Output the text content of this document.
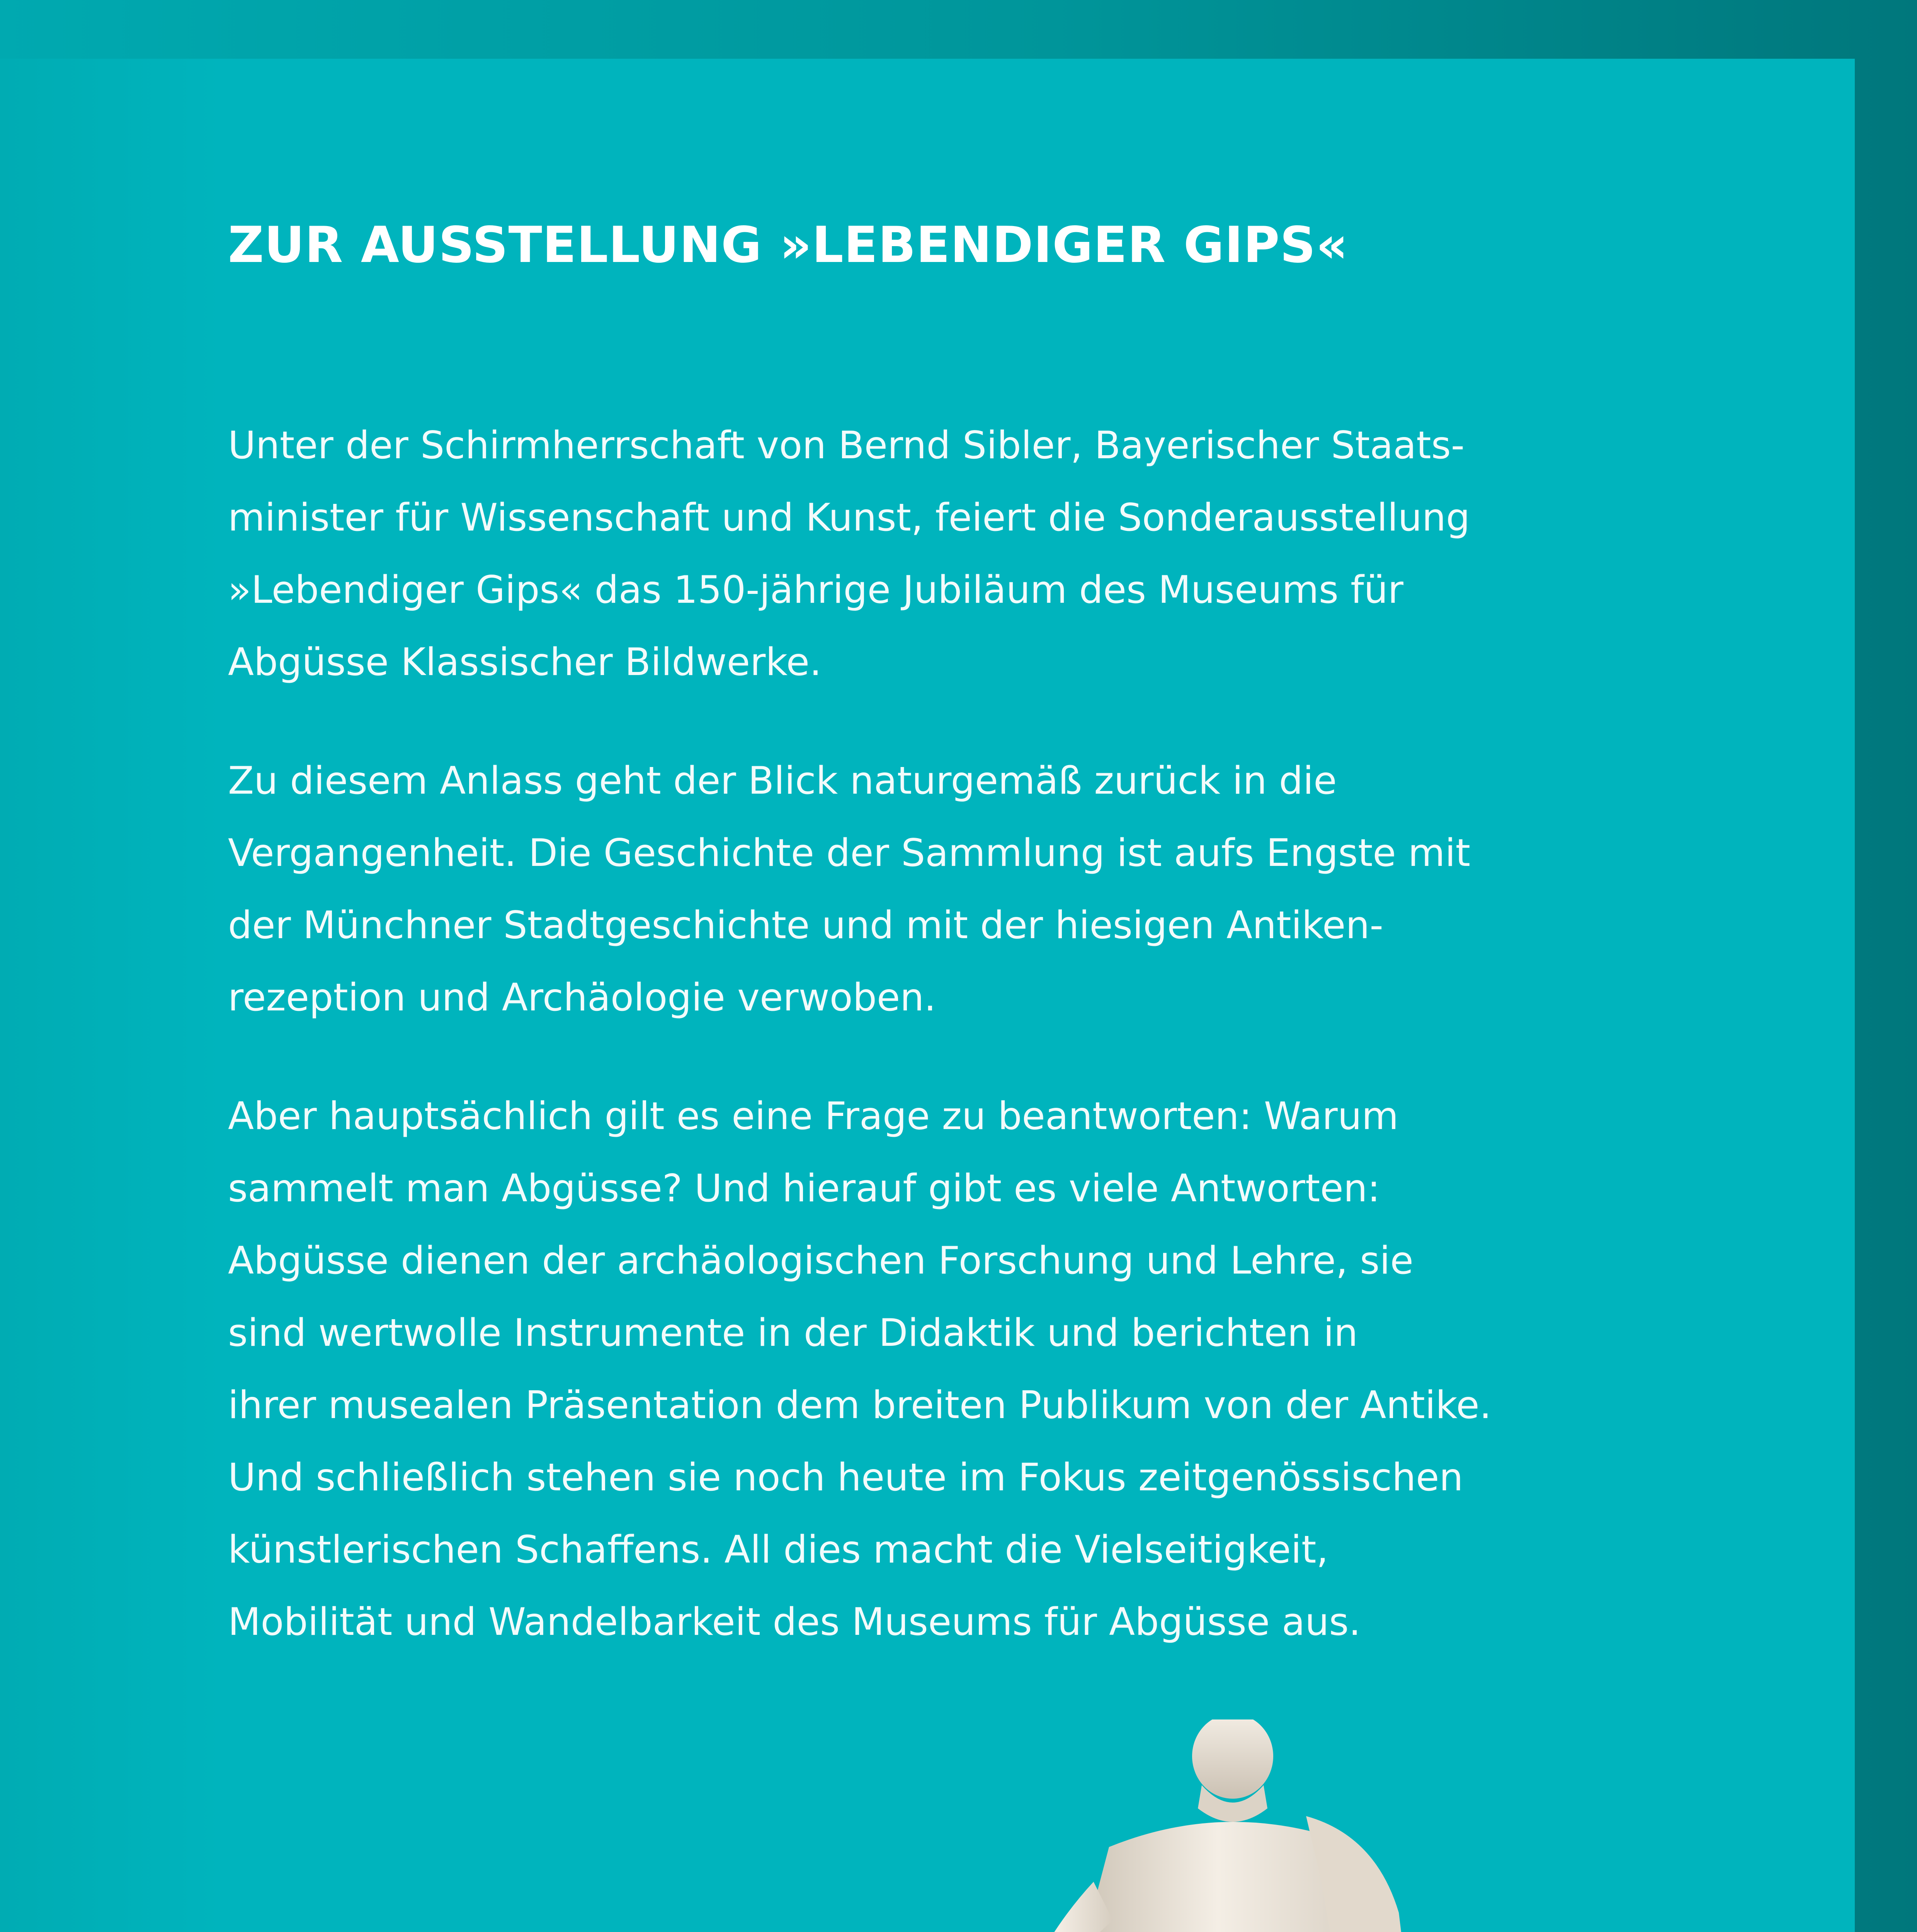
ZUR AUSSTELLUNG »LEBENDIGER GIPS«

Unter der Schirmherrschaft von Bernd Sibler, Bayerischer Staats-
minister für Wissenschaft und Kunst, feiert die Sonderausstellung
»Lebendiger Gips« das 150-jährige Jubiläum des Museums für
Abgüsse Klassischer Bildwerke.

Zu diesem Anlass geht der Blick naturgemäß zurück in die
Vergangenheit. Die Geschichte der Sammlung ist aufs Engste mit
der Münchner Stadtgeschichte und mit der hiesigen Antiken-
rezeption und Archäologie verwoben.

Aber hauptsächlich gilt es eine Frage zu beantworten: Warum
sammelt man Abgüsse? Und hierauf gibt es viele Antworten:
Abgüsse dienen der archäologischen Forschung und Lehre, sie
sind wertwolle Instrumente in der Didaktik und berichten in
ihrer musealen Präsentation dem breiten Publikum von der Antike.
Und schließlich stehen sie noch heute im Fokus zeitgenössischen
künstlerischen Schaffens. All dies macht die Vielseitigkeit,
Mobilität und Wandelbarkeit des Museums für Abgüsse aus.
